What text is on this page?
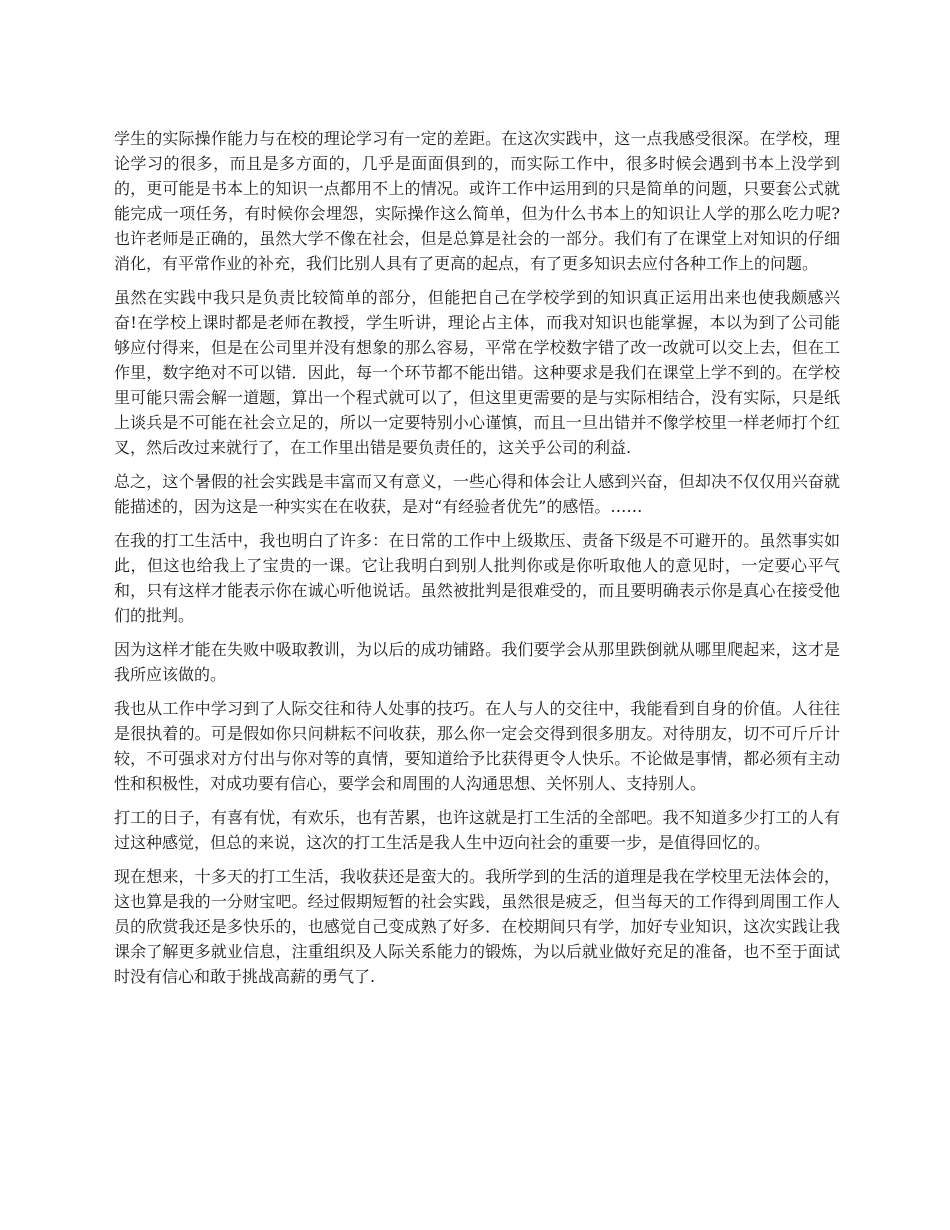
学生的实际操作能力与在校的理论学习有一定的差距。在这次实践中，这一点我感受很深。在学校，理论学习的很多，而且是多方面的，几乎是面面俱到的，而实际工作中，很多时候会遇到书本上没学到的，更可能是书本上的知识一点都用不上的情况。或许工作中运用到的只是简单的问题，只要套公式就能完成一项任务，有时候你会埋怨，实际操作这么简单，但为什么书本上的知识让人学的那么吃力呢?也许老师是正确的，虽然大学不像在社会，但是总算是社会的一部分。我们有了在课堂上对知识的仔细消化，有平常作业的补充，我们比别人具有了更高的起点，有了更多知识去应付各种工作上的问题。

虽然在实践中我只是负责比较简单的部分，但能把自己在学校学到的知识真正运用出来也使我颇感兴奋!在学校上课时都是老师在教授，学生听讲，理论占主体，而我对知识也能掌握，本以为到了公司能够应付得来，但是在公司里并没有想象的那么容易，平常在学校数字错了改一改就可以交上去，但在工作里，数字绝对不可以错．因此，每一个环节都不能出错。这种要求是我们在课堂上学不到的。在学校里可能只需会解一道题，算出一个程式就可以了，但这里更需要的是与实际相结合，没有实际，只是纸上谈兵是不可能在社会立足的，所以一定要特别小心谨慎，而且一旦出错并不像学校里一样老师打个红叉，然后改过来就行了，在工作里出错是要负责任的，这关乎公司的利益.

总之，这个暑假的社会实践是丰富而又有意义，一些心得和体会让人感到兴奋，但却决不仅仅用兴奋就能描述的，因为这是一种实实在在收获，是对“有经验者优先”的感悟。……

在我的打工生活中，我也明白了许多：在日常的工作中上级欺压、责备下级是不可避开的。虽然事实如此，但这也给我上了宝贵的一课。它让我明白到别人批判你或是你听取他人的意见时，一定要心平气和，只有这样才能表示你在诚心听他说话。虽然被批判是很难受的，而且要明确表示你是真心在接受他们的批判。

因为这样才能在失败中吸取教训，为以后的成功铺路。我们要学会从那里跌倒就从哪里爬起来，这才是我所应该做的。

我也从工作中学习到了人际交往和待人处事的技巧。在人与人的交往中，我能看到自身的价值。人往往是很执着的。可是假如你只问耕耘不问收获，那么你一定会交得到很多朋友。对待朋友，切不可斤斤计较，不可强求对方付出与你对等的真情，要知道给予比获得更令人快乐。不论做是事情，都必须有主动性和积极性，对成功要有信心，要学会和周围的人沟通思想、关怀别人、支持别人。

打工的日子，有喜有忧，有欢乐，也有苦累，也许这就是打工生活的全部吧。我不知道多少打工的人有过这种感觉，但总的来说，这次的打工生活是我人生中迈向社会的重要一步，是值得回忆的。

现在想来，十多天的打工生活，我收获还是蛮大的。我所学到的生活的道理是我在学校里无法体会的，这也算是我的一分财宝吧。经过假期短暂的社会实践，虽然很是疲乏，但当每天的工作得到周围工作人员的欣赏我还是多快乐的，也感觉自己变成熟了好多．在校期间只有学，加好专业知识，这次实践让我课余了解更多就业信息，注重组织及人际关系能力的锻炼，为以后就业做好充足的准备，也不至于面试时没有信心和敢于挑战高薪的勇气了.
